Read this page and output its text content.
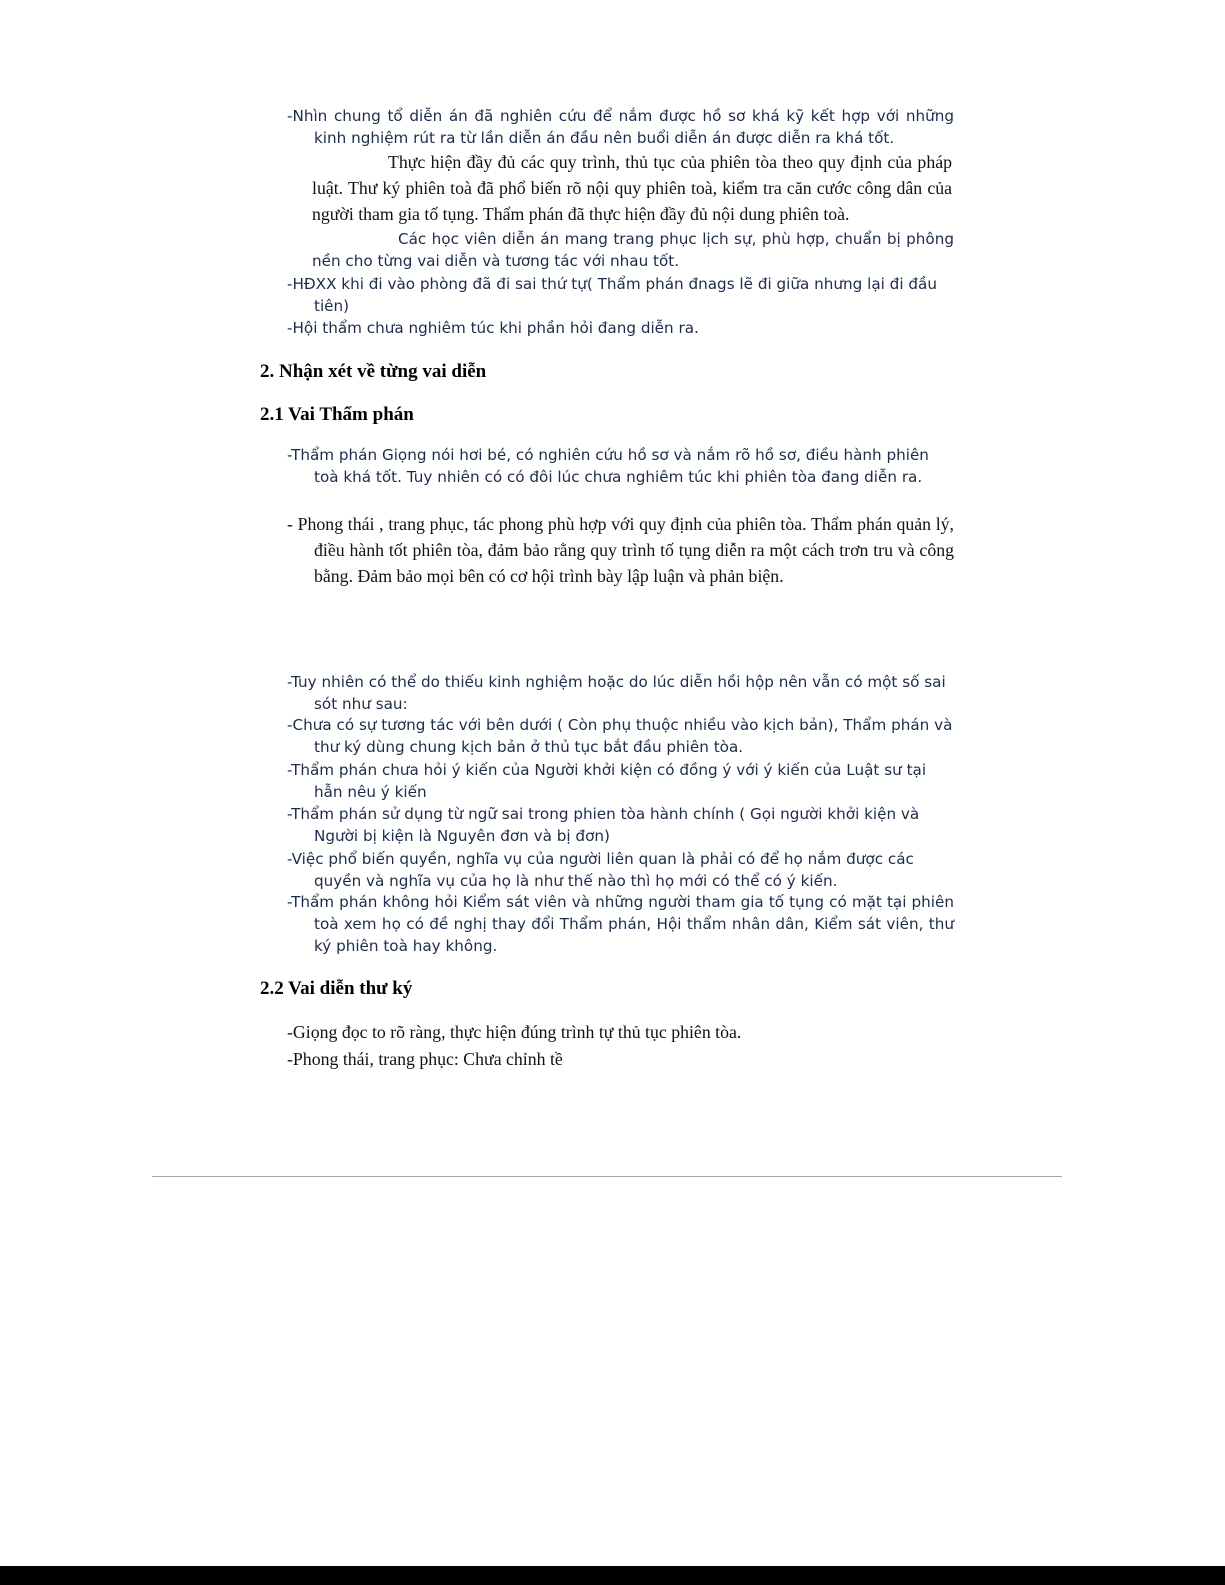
-Nhìn chung tổ diễn án đã nghiên cứu để nắm được hồ sơ khá kỹ kết hợp với những kinh nghiệm rút ra từ lần diễn án đầu nên buổi diễn án được diễn ra khá tốt.

Thực hiện đầy đủ các quy trình, thủ tục của phiên tòa theo quy định của pháp luật. Thư ký phiên toà đã phổ biến rõ nội quy phiên toà, kiểm tra căn cước công dân của người tham gia tố tụng. Thẩm phán đã thực hiện đầy đủ nội dung phiên toà.

Các học viên diễn án mang trang phục lịch sự, phù hợp, chuẩn bị phông nền cho từng vai diễn và tương tác với nhau tốt.

-HĐXX khi đi vào phòng đã đi sai thứ tự( Thẩm phán đnags lẽ đi giữa nhưng lại đi đầu tiên)

-Hội thẩm chưa nghiêm túc khi phần hỏi đang diễn ra.

2. Nhận xét về từng vai diễn
2.1 Vai Thẩm phán

-Thẩm phán Giọng nói hơi bé, có nghiên cứu hồ sơ và nắm rõ hồ sơ, điều hành phiên toà khá tốt. Tuy nhiên có có đôi lúc chưa nghiêm túc khi phiên tòa đang diễn ra.

- Phong thái , trang phục, tác phong phù hợp với quy định của phiên tòa. Thẩm phán quản lý, điều hành tốt phiên tòa, đảm bảo rằng quy trình tố tụng diễn ra một cách trơn tru và công bằng. Đảm bảo mọi bên có cơ hội trình bày lập luận và phản biện.

-Tuy nhiên có thể do thiếu kinh nghiệm hoặc do lúc diễn hồi hộp nên vẫn có một số sai sót như sau:

-Chưa có sự tương tác với bên dưới ( Còn phụ thuộc nhiều vào kịch bản), Thẩm phán và thư ký dùng chung kịch bản ở thủ tục bắt đầu phiên tòa.

-Thẩm phán chưa hỏi ý kiến của Người khởi kiện có đồng ý với ý kiến của Luật sư tại hẫn nêu ý kiến

-Thẩm phán sử dụng từ ngữ sai trong phien tòa hành chính ( Gọi người khởi kiện và Người bị kiện là Nguyên đơn và bị đơn)

-Việc phổ biến quyền, nghĩa vụ của người liên quan là phải có để họ nắm được các quyền và nghĩa vụ của họ là như thế nào thì họ mới có thể có ý kiến.

-Thẩm phán không hỏi Kiểm sát viên và những người tham gia tố tụng có mặt tại phiên toà xem họ có đề nghị thay đổi Thẩm phán, Hội thẩm nhân dân, Kiểm sát viên, thư ký phiên toà hay không.

2.2 Vai diễn thư ký

-Giọng đọc to rõ ràng, thực hiện đúng trình tự thủ tục phiên tòa.

-Phong thái, trang phục: Chưa chỉnh tề
